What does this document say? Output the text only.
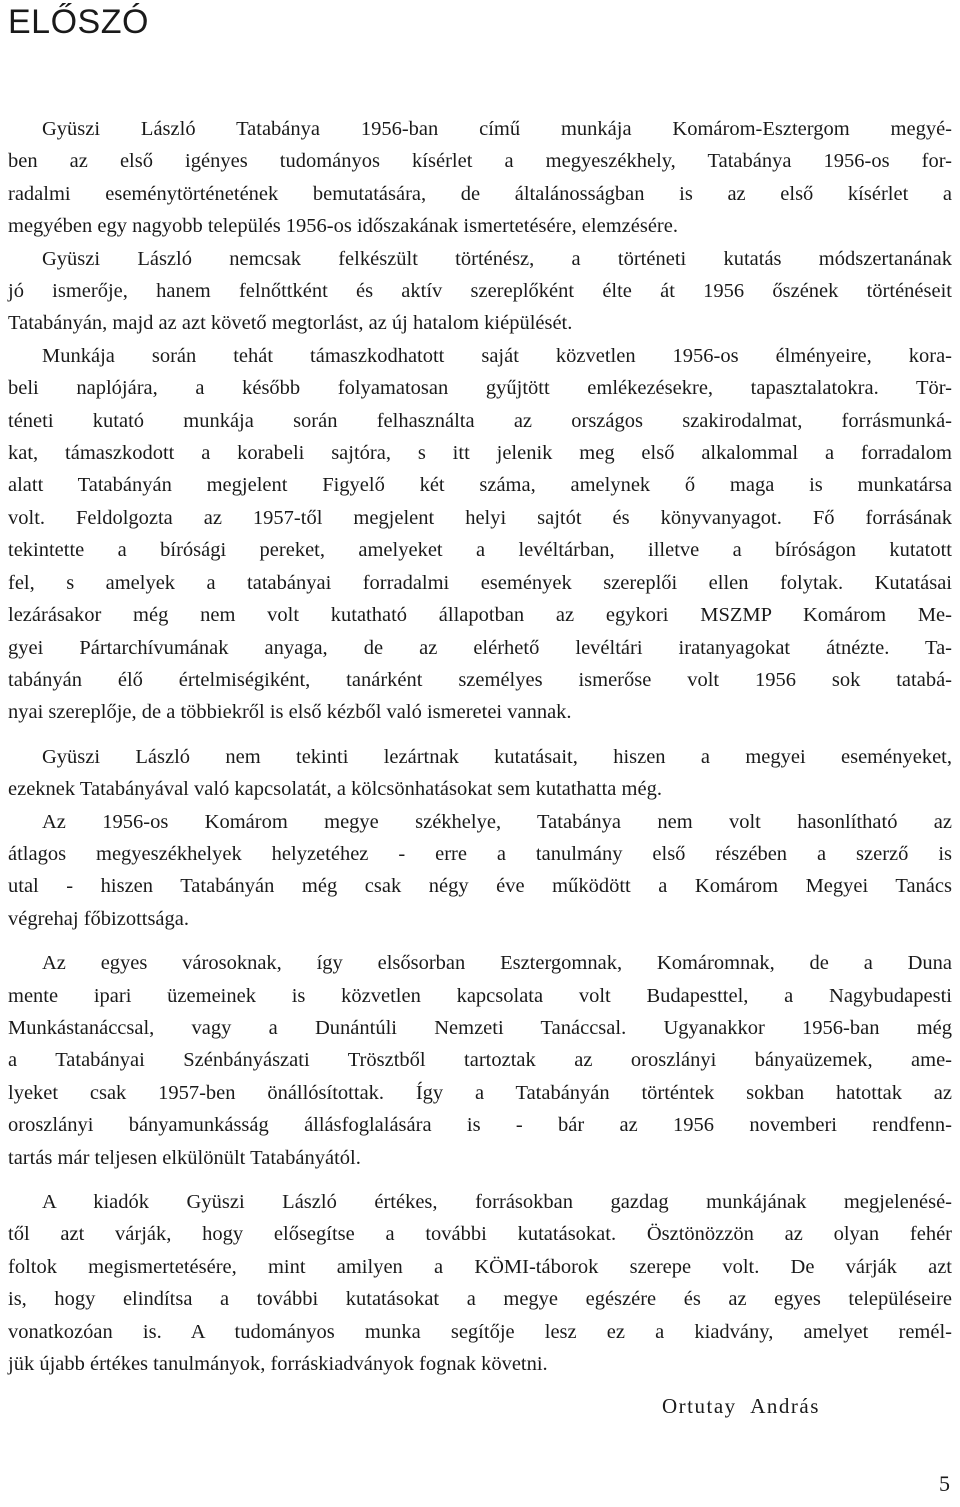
ELŐSZÓ

Gyüszi László Tatabánya 1956-ban című munkája Komárom-Esztergom megyé-
ben az első igényes tudományos kísérlet a megyeszékhely, Tatabánya 1956-os for-
radalmi eseménytörténetének bemutatására, de általánosságban is az első kísérlet a
megyében egy nagyobb település 1956-os időszakának ismertetésére, elemzésére.
Gyüszi László nemcsak felkészült történész, a történeti kutatás módszertanának
jó ismerője, hanem felnőttként és aktív szereplőként élte át 1956 őszének történéseit
Tatabányán, majd az azt követő megtorlást, az új hatalom kiépülését.
Munkája során tehát támaszkodhatott saját közvetlen 1956-os élményeire, kora-
beli naplójára, a később folyamatosan gyűjtött emlékezésekre, tapasztalatokra. Tör-
téneti kutató munkája során felhasználta az országos szakirodalmat, forrásmunká-
kat, támaszkodott a korabeli sajtóra, s itt jelenik meg első alkalommal a forradalom
alatt Tatabányán megjelent Figyelő két száma, amelynek ő maga is munkatársa
volt. Feldolgozta az 1957-től megjelent helyi sajtót és könyvanyagot. Fő forrásának
tekintette a bírósági pereket, amelyeket a levéltárban, illetve a bíróságon kutatott
fel, s amelyek a tatabányai forradalmi események szereplői ellen folytak. Kutatásai
lezárásakor még nem volt kutatható állapotban az egykori MSZMP Komárom Me-
gyei Pártarchívumának anyaga, de az elérhető levéltári iratanyagokat átnézte. Ta-
tabányán élő értelmiségiként, tanárként személyes ismerőse volt 1956 sok tatabá-
nyai szereplője, de a többiekről is első kézből való ismeretei vannak.

Gyüszi László nem tekinti lezártnak kutatásait, hiszen a megyei eseményeket,
ezeknek Tatabányával való kapcsolatát, a kölcsönhatásokat sem kutathatta még.
Az 1956-os Komárom megye székhelye, Tatabánya nem volt hasonlítható az
átlagos megyeszékhelyek helyzetéhez - erre a tanulmány első részében a szerző is
utal - hiszen Tatabányán még csak négy éve működött a Komárom Megyei Tanács
végrehaj főbizottsága.

Az egyes városoknak, így elsősorban Esztergomnak, Komáromnak, de a Duna
mente ipari üzemeinek is közvetlen kapcsolata volt Budapesttel, a Nagybudapesti
Munkástanáccsal, vagy a Dunántúli Nemzeti Tanáccsal. Ugyanakkor 1956-ban még
a Tatabányai Szénbányászati Trösztből tartoztak az oroszlányi bányaüzemek, ame-
lyeket csak 1957-ben önállósítottak. Így a Tatabányán történtek sokban hatottak az
oroszlányi bányamunkásság állásfoglalására is - bár az 1956 novemberi rendfenn-
tartás már teljesen elkülönült Tatabányától.

A kiadók Gyüszi László értékes, forrásokban gazdag munkájának megjelenésé-
től azt várják, hogy elősegítse a további kutatásokat. Ösztönözzön az olyan fehér
foltok megismertetésére, mint amilyen a KÖMI-táborok szerepe volt. De várják azt
is, hogy elindítsa a további kutatásokat a megye egészére és az egyes településeire
vonatkozóan is. A tudományos munka segítője lesz ez a kiadvány, amelyet remél-
jük újabb értékes tanulmányok, forráskiadványok fognak követni.

Ortutay András
5
